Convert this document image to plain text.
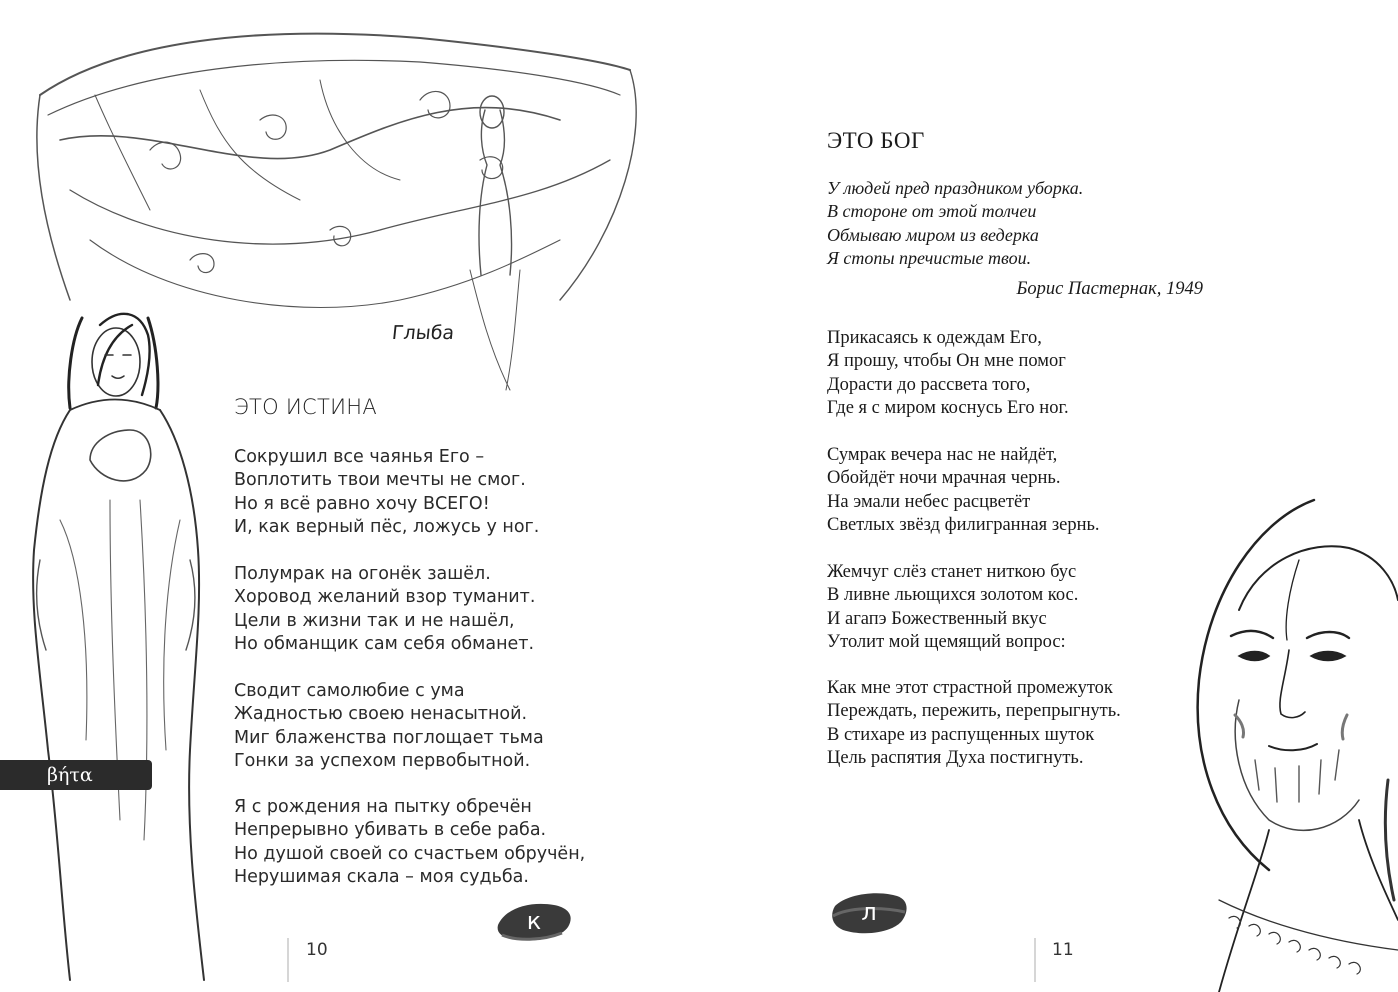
Глыба
ЭТО ИСТИНА
Сокрушил все чаянья Его –
Воплотить твои мечты не смог.
Но я всё равно хочу ВСЕГО!
И, как верный пёс, ложусь у ног.
Полумрак на огонёк зашёл.
Хоровод желаний взор туманит.
Цели в жизни так и не нашёл,
Но обманщик сам себя обманет.
Сводит самолюбие с ума
Жадностью своею ненасытной.
Миг блаженства поглощает тьма
Гонки за успехом первобытной.
Я с рождения на пытку обречён
Непрерывно убивать в себе раба.
Но душой своей со счастьем обручён,
Нерушимая скала – моя судьба.
βήτα
к
10
ЭТО БОГ
У людей пред праздником уборка.
В стороне от этой толчеи
Обмываю миром из ведерка
Я стопы пречистые твои.
Борис Пастернак, 1949
Прикасаясь к одеждам Его,
Я прошу, чтобы Он мне помог
Дорасти до рассвета того,
Где я с миром коснусь Его ног.
Сумрак вечера нас не найдёт,
Обойдёт ночи мрачная чернь.
На эмали небес расцветёт
Светлых звёзд филигранная зернь.
Жемчуг слёз станет ниткою бус
В ливне льющихся золотом кос.
И агапэ Божественный вкус
Утолит мой щемящий вопрос:
Как мне этот страстной промежуток
Переждать, пережить, перепрыгнуть.
В стихаре из распущенных шуток
Цель распятия Духа постигнуть.
л
11
